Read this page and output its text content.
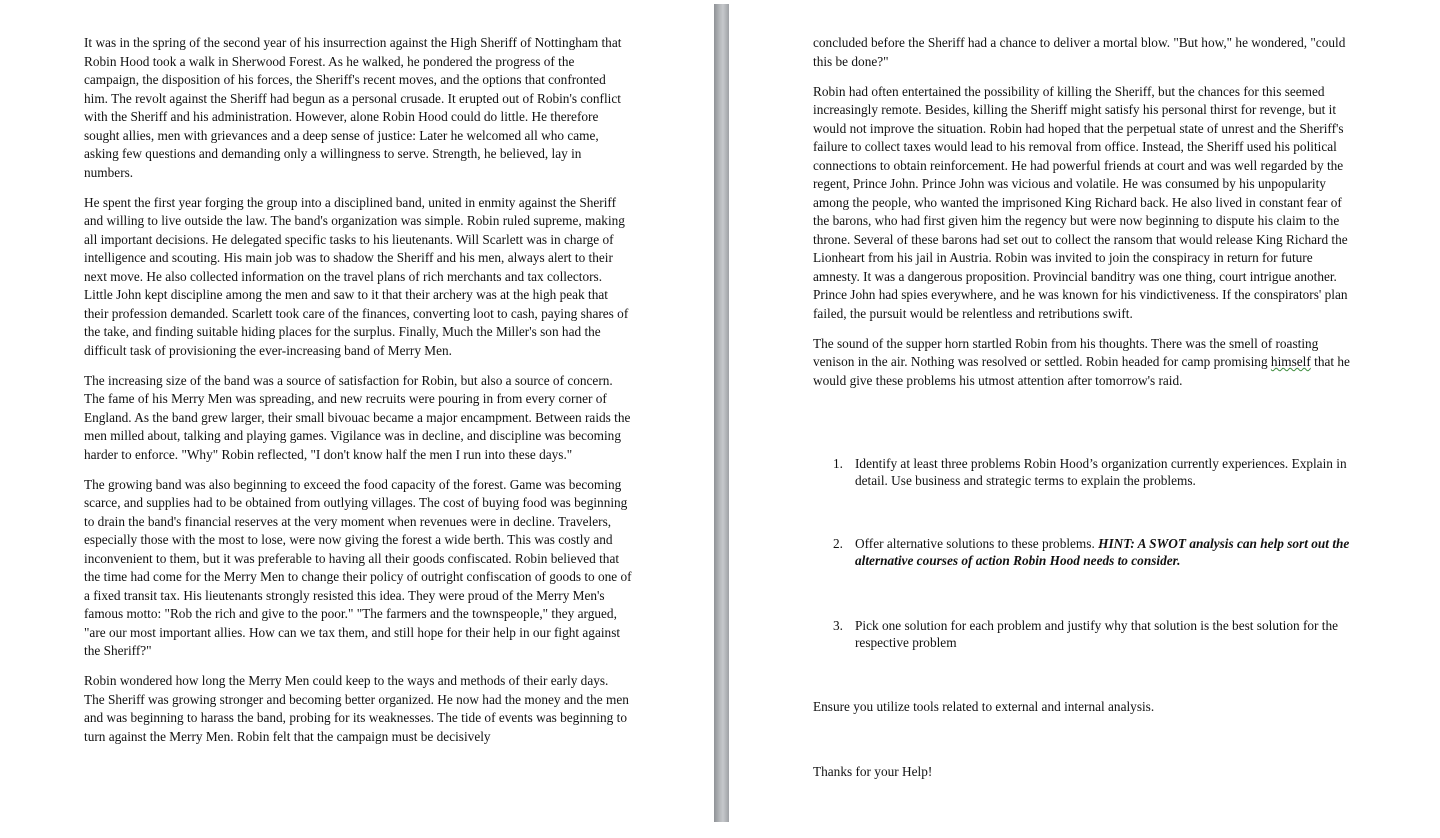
It was in the spring of the second year of his insurrection against the High Sheriff of Nottingham that Robin Hood took a walk in Sherwood Forest. As he walked, he pondered the progress of the campaign, the disposition of his forces, the Sheriff's recent moves, and the options that confronted him. The revolt against the Sheriff had begun as a personal crusade. It erupted out of Robin's conflict with the Sheriff and his administration. However, alone Robin Hood could do little. He therefore sought allies, men with grievances and a deep sense of justice: Later he welcomed all who came, asking few questions and demanding only a willingness to serve. Strength, he believed, lay in numbers.

He spent the first year forging the group into a disciplined band, united in enmity against the Sheriff and willing to live outside the law. The band's organization was simple. Robin ruled supreme, making all important decisions. He delegated specific tasks to his lieutenants. Will Scarlett was in charge of intelligence and scouting. His main job was to shadow the Sheriff and his men, always alert to their next move. He also collected information on the travel plans of rich merchants and tax collectors. Little John kept discipline among the men and saw to it that their archery was at the high peak that their profession demanded. Scarlett took care of the finances, converting loot to cash, paying shares of the take, and finding suitable hiding places for the surplus. Finally, Much the Miller's son had the difficult task of provisioning the ever-increasing band of Merry Men.

The increasing size of the band was a source of satisfaction for Robin, but also a source of concern. The fame of his Merry Men was spreading, and new recruits were pouring in from every corner of England. As the band grew larger, their small bivouac became a major encampment. Between raids the men milled about, talking and playing games. Vigilance was in decline, and discipline was becoming harder to enforce. "Why" Robin reflected, "I don't know half the men I run into these days."

The growing band was also beginning to exceed the food capacity of the forest. Game was becoming scarce, and supplies had to be obtained from outlying villages. The cost of buying food was beginning to drain the band's financial reserves at the very moment when revenues were in decline. Travelers, especially those with the most to lose, were now giving the forest a wide berth. This was costly and inconvenient to them, but it was preferable to having all their goods confiscated. Robin believed that the time had come for the Merry Men to change their policy of outright confiscation of goods to one of a fixed transit tax. His lieutenants strongly resisted this idea. They were proud of the Merry Men's famous motto: "Rob the rich and give to the poor." "The farmers and the townspeople," they argued, "are our most important allies. How can we tax them, and still hope for their help in our fight against the Sheriff?"

Robin wondered how long the Merry Men could keep to the ways and methods of their early days. The Sheriff was growing stronger and becoming better organized. He now had the money and the men and was beginning to harass the band, probing for its weaknesses. The tide of events was beginning to turn against the Merry Men. Robin felt that the campaign must be decisively

concluded before the Sheriff had a chance to deliver a mortal blow. "But how," he wondered, "could this be done?"

Robin had often entertained the possibility of killing the Sheriff, but the chances for this seemed increasingly remote. Besides, killing the Sheriff might satisfy his personal thirst for revenge, but it would not improve the situation. Robin had hoped that the perpetual state of unrest and the Sheriff's failure to collect taxes would lead to his removal from office. Instead, the Sheriff used his political connections to obtain reinforcement. He had powerful friends at court and was well regarded by the regent, Prince John. Prince John was vicious and volatile. He was consumed by his unpopularity among the people, who wanted the imprisoned King Richard back. He also lived in constant fear of the barons, who had first given him the regency but were now beginning to dispute his claim to the throne. Several of these barons had set out to collect the ransom that would release King Richard the Lionheart from his jail in Austria. Robin was invited to join the conspiracy in return for future amnesty. It was a dangerous proposition. Provincial banditry was one thing, court intrigue another. Prince John had spies everywhere, and he was known for his vindictiveness. If the conspirators' plan failed, the pursuit would be relentless and retributions swift.

The sound of the supper horn startled Robin from his thoughts. There was the smell of roasting venison in the air. Nothing was resolved or settled. Robin headed for camp promising himself that he would give these problems his utmost attention after tomorrow's raid.

1. Identify at least three problems Robin Hood’s organization currently experiences. Explain in detail. Use business and strategic terms to explain the problems.
2. Offer alternative solutions to these problems. HINT: A SWOT analysis can help sort out the alternative courses of action Robin Hood needs to consider.
3. Pick one solution for each problem and justify why that solution is the best solution for the respective problem

Ensure you utilize tools related to external and internal analysis.

Thanks for your Help!
